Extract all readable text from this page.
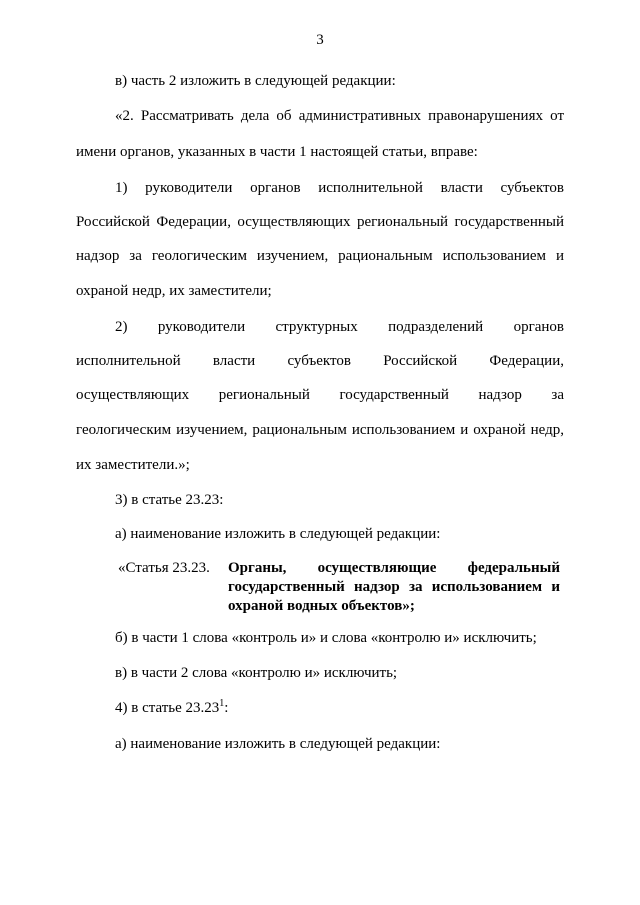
3
в) часть 2 изложить в следующей редакции:
«2. Рассматривать дела об административных правонарушениях от
имени органов, указанных в части 1 настоящей статьи, вправе:
1) руководители органов исполнительной власти субъектов
Российской Федерации, осуществляющих региональный государственный
надзор за геологическим изучением, рациональным использованием и
охраной недр, их заместители;
2) руководители структурных подразделений органов
исполнительной власти субъектов Российской Федерации,
осуществляющих региональный государственный надзор за
геологическим изучением, рациональным использованием и охраной недр,
их заместители.»;
3) в статье 23.23:
а) наименование изложить в следующей редакции:
«Статья 23.23. Органы, осуществляющие федеральный государственный надзор за использованием и охраной водных объектов»;
б) в части 1 слова «контроль и» и слова «контролю и» исключить;
в) в части 2 слова «контролю и» исключить;
4) в статье 23.23$^1$:
а) наименование изложить в следующей редакции:
